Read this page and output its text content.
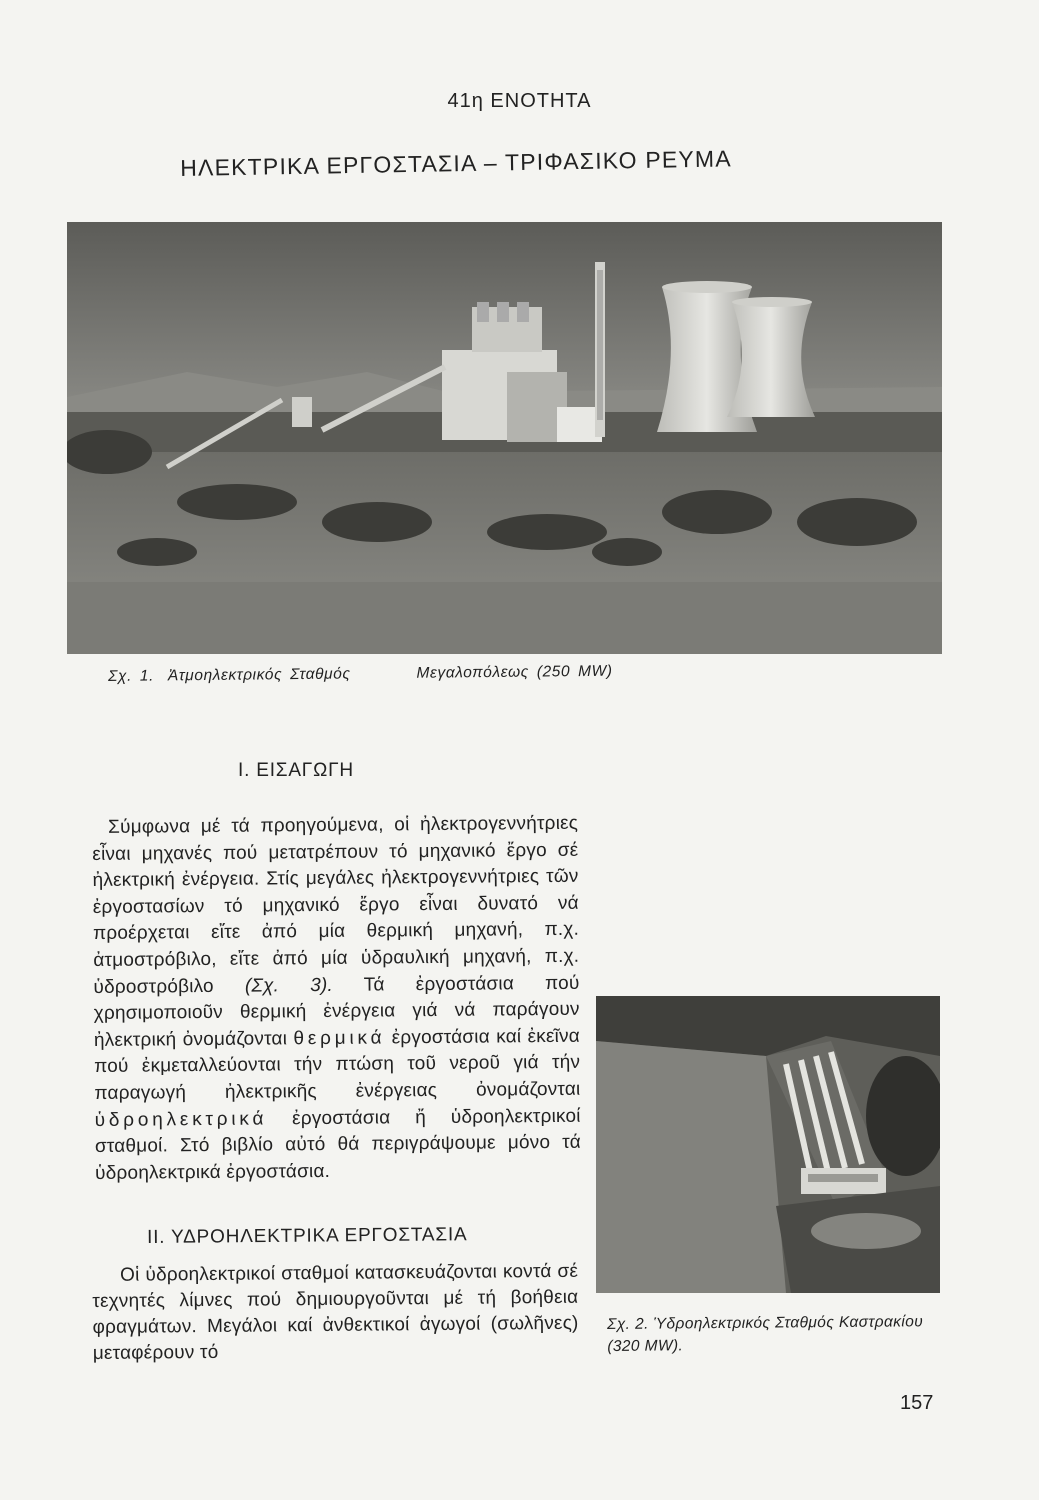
41η ΕΝΟΤΗΤΑ
ΗΛΕΚΤΡΙΚΑ ΕΡΓΟΣΤΑΣΙΑ – ΤΡΙΦΑΣΙΚΟ ΡΕΥΜΑ
Σχ. 1. Ἀτμοηλεκτρικός Σταθμός	Μεγαλοπόλεως (250 MW)
Ι. ΕΙΣΑΓΩΓΗ
Σύμφωνα μέ τά προηγούμενα, οἱ ἠλεκτρογεννήτριες εἶναι μηχανές πού μετατρέπουν τό μηχανικό ἔργο σέ ἠλεκτρική ἐνέργεια. Στίς μεγάλες ἠλεκτρογεννήτριες τῶν ἐργοστασίων τό μηχανικό ἔργο εἶναι δυνατό νά προέρχεται εἴτε ἀπό μία θερμική μηχανή, π.χ. ἀτμοστρόβιλο, εἴτε ἀπό μία ὑδραυλική μηχανή, π.χ. ὑδροστρόβιλο (Σχ. 3). Τά ἐργοστάσια πού χρησιμοποιοῦν θερμική ἐνέργεια γιά νά παράγουν ἠλεκτρική ὀνομάζονται θερμικά ἐργοστάσια καί ἐκεῖνα πού ἐκμεταλλεύονται τήν πτώση τοῦ νεροῦ γιά τήν παραγωγή ἠλεκτρικῆς ἐνέργειας ὀνομάζονται ὑδροηλεκτρικά ἐργοστάσια ἤ ὑδροηλεκτρικοί σταθμοί. Στό βιβλίο αὐτό θά περιγράψουμε μόνο τά ὑδροηλεκτρικά ἐργοστάσια.
ΙΙ. ΥΔΡΟΗΛΕΚΤΡΙΚΑ ΕΡΓΟΣΤΑΣΙΑ
Οἱ ὑδροηλεκτρικοί σταθμοί κατασκευάζονται κοντά σέ τεχνητές λίμνες πού δημιουργοῦνται μέ τή βοήθεια φραγμάτων. Μεγάλοι καί ἀνθεκτικοί ἀγωγοί (σωλῆνες) μεταφέρουν τό
Σχ. 2. Ὑδροηλεκτρικός Σταθμός Καστρακίου (320 MW).
157
